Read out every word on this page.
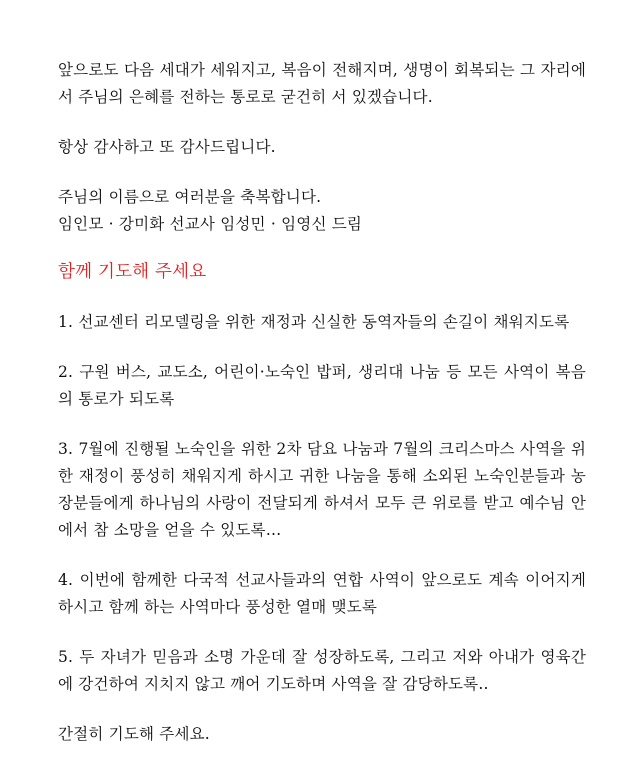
앞으로도 다음 세대가 세워지고, 복음이 전해지며, 생명이 회복되는 그 자리에서 주님의 은혜를 전하는 통로로 굳건히 서 있겠습니다.

항상 감사하고 또 감사드립니다.

주님의 이름으로 여러분을 축복합니다.

임인모 · 강미화 선교사 임성민 · 임영신 드림

함께 기도해 주세요

1. 선교센터 리모델링을 위한 재정과 신실한 동역자들의 손길이 채워지도록

2. 구원 버스, 교도소, 어린이·노숙인 밥퍼, 생리대 나눔 등 모든 사역이 복음의 통로가 되도록

3. 7월에 진행될 노숙인을 위한 2차 담요 나눔과 7월의 크리스마스 사역을 위한 재정이 풍성히 채워지게 하시고 귀한 나눔을 통해 소외된 노숙인분들과 농장분들에게 하나님의 사랑이 전달되게 하셔서 모두 큰 위로를 받고 예수님 안에서 참 소망을 얻을 수 있도록…

4. 이번에 함께한 다국적 선교사들과의 연합 사역이 앞으로도 계속 이어지게 하시고 함께 하는 사역마다 풍성한 열매 맺도록

5. 두 자녀가 믿음과 소명 가운데 잘 성장하도록, 그리고 저와 아내가 영육간에 강건하여 지치지 않고 깨어 기도하며 사역을 잘 감당하도록..

간절히 기도해 주세요.
